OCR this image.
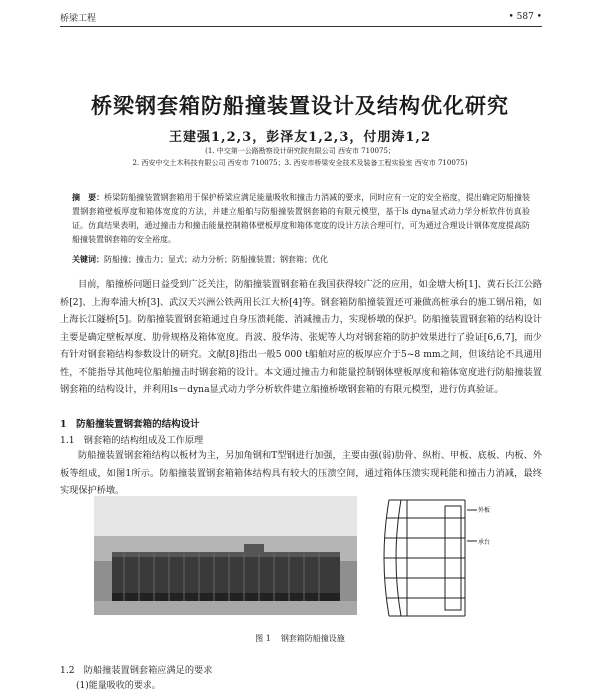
桥梁工程	• 587 •
桥梁钢套箱防船撞装置设计及结构优化研究
王建强1,2,3，彭泽友1,2,3，付朋涛1,2
(1. 中交第一公路勘察设计研究院有限公司 西安市 710075；
2. 西安中交土木科技有限公司 西安市 710075；3. 西安市桥梁安全技术及装备工程实验室 西安市 710075)
摘　要：桥梁防船撞装置钢套箱用于保护桥梁应满足能量吸收和撞击力消减的要求，同时应有一定的安全裕度，提出确定防船撞装置钢套箱壁板厚度和箱体宽度的方法，并建立船舶与防船撞装置钢套箱的有限元模型，基于ls dyna显式动力学分析软件仿真验证。仿真结果表明，通过撞击力和撞击能量控制箱体壁板厚度和箱体宽度的设计方法合理可行，可为通过合理设计钢体宽度提高防船撞装置钢套箱的安全裕度。
关键词：防船撞；撞击力；显式；动力分析；防船撞装置；钢套箱；优化
目前，船撞桥问题日益受到广泛关注，防船撞装置钢套箱在我国获得较广泛的应用，如金塘大桥[1]、黄石长江公路桥[2]、上海奉浦大桥[3]、武汉天兴洲公铁两用长江大桥[4]等。钢套箱防船撞装置还可兼做高桩承台的施工钢吊箱，如上海长江隧桥[5]。防船撞装置钢套箱通过自身压溃耗能、消减撞击力，实现桥墩的保护。防船撞装置钢套箱的结构设计主要是确定壁板厚度、肋骨规格及箱体宽度。肖波、殷华涛、张妮等人均对钢套箱的防护效果进行了验证[6,6,7]，而少有针对钢套箱结构参数设计的研究。文献[8]指出一般5 000 t船舶对应的板厚应介于5~8 mm之间，但该结论不具通用性，不能指导其他吨位船舶撞击时钢套箱的设计。本文通过撞击力和能量控制钢体壁板厚度和箱体宽度进行防船撞装置钢套箱的结构设计，并利用ls－dyna显式动力学分析软件建立船撞桥墩钢套箱的有限元模型，进行仿真验证。
1　防船撞装置钢套箱的结构设计
1.1　钢套箱的结构组成及工作原理
防船撞装置钢套箱结构以板材为主，另加角钢和T型钢进行加强，主要由强(弱)肋骨、纵桁、甲板、底板、内板、外板等组成，如图1所示。防船撞装置钢套箱箱体结构具有较大的压溃空间，通过箱体压溃实现耗能和撞击力消减，最终实现保护桥墩。
外板
承台
图 1 钢套箱防船撞设施
1.2　防船撞装置钢套箱应满足的要求
(1)能量吸收的要求。
